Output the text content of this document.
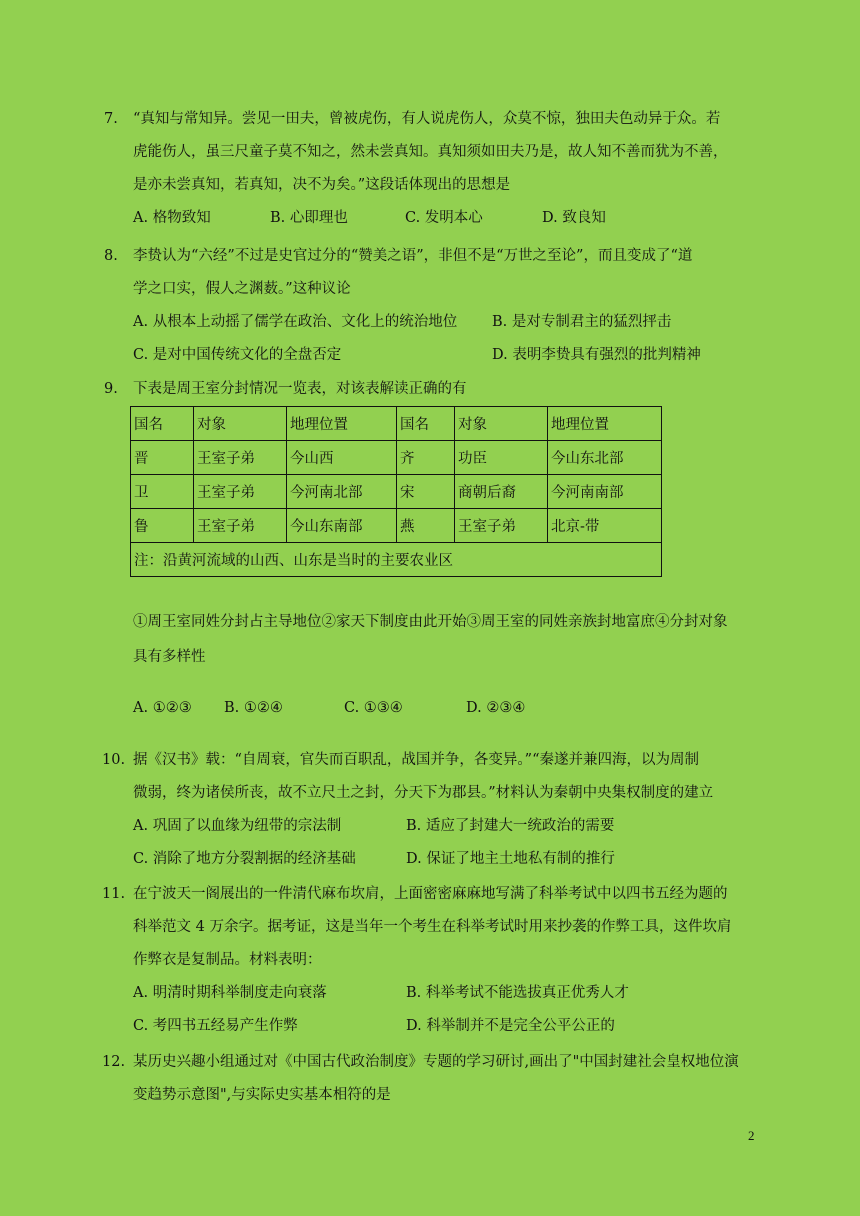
7. “真知与常知异。尝见一田夫，曾被虎伤，有人说虎伤人，众莫不惊，独田夫色动异于众。若
虎能伤人，虽三尺童子莫不知之，然未尝真知。真知须如田夫乃是，故人知不善而犹为不善，
是亦未尝真知，若真知，决不为矣。”这段话体现出的思想是
A. 格物致知	B. 心即理也	C. 发明本心	D. 致良知
8. 李贽认为“六经”不过是史官过分的“赞美之语”，非但不是“万世之至论”，而且变成了“道
学之口实，假人之渊薮。”这种议论
A. 从根本上动摇了儒学在政治、文化上的统治地位 B. 是对专制君主的猛烈抨击
C. 是对中国传统文化的全盘否定	D. 表明李贽具有强烈的批判精神
9. 下表是周王室分封情况一览表，对该表解读正确的有
国名	对象	地理位置	国名	对象	地理位置
晋	王室子弟	今山西	齐	功臣	今山东北部
卫	王室子弟	今河南北部	宋	商朝后裔	今河南南部
鲁	王室子弟	今山东南部	燕	王室子弟	北京-带
注：沿黄河流域的山西、山东是当时的主要农业区					
①周王室同姓分封占主导地位②家天下制度由此开始③周王室的同姓亲族封地富庶④分封对象
具有多样性
A. ①②③ B. ①②④	C. ①③④	D. ②③④
10. 据《汉书》载：“自周衰，官失而百职乱，战国并争，各变异。”“秦遂并兼四海，以为周制
微弱，终为诸侯所丧，故不立尺土之封，分天下为郡县。”材料认为秦朝中央集权制度的建立
A. 巩固了以血缘为纽带的宗法制	B. 适应了封建大一统政治的需要
C. 消除了地方分裂割据的经济基础	D. 保证了地主土地私有制的推行
11. 在宁波天一阁展出的一件清代麻布坎肩，上面密密麻麻地写满了科举考试中以四书五经为题的
科举范文 4 万余字。据考证，这是当年一个考生在科举考试时用来抄袭的作弊工具，这件坎肩
作弊衣是复制品。材料表明：
A. 明清时期科举制度走向衰落	B. 科举考试不能选拔真正优秀人才
C. 考四书五经易产生作弊	D. 科举制并不是完全公平公正的
12. 某历史兴趣小组通过对《中国古代政治制度》专题的学习研讨,画出了"中国封建社会皇权地位演
变趋势示意图",与实际史实基本相符的是
2
